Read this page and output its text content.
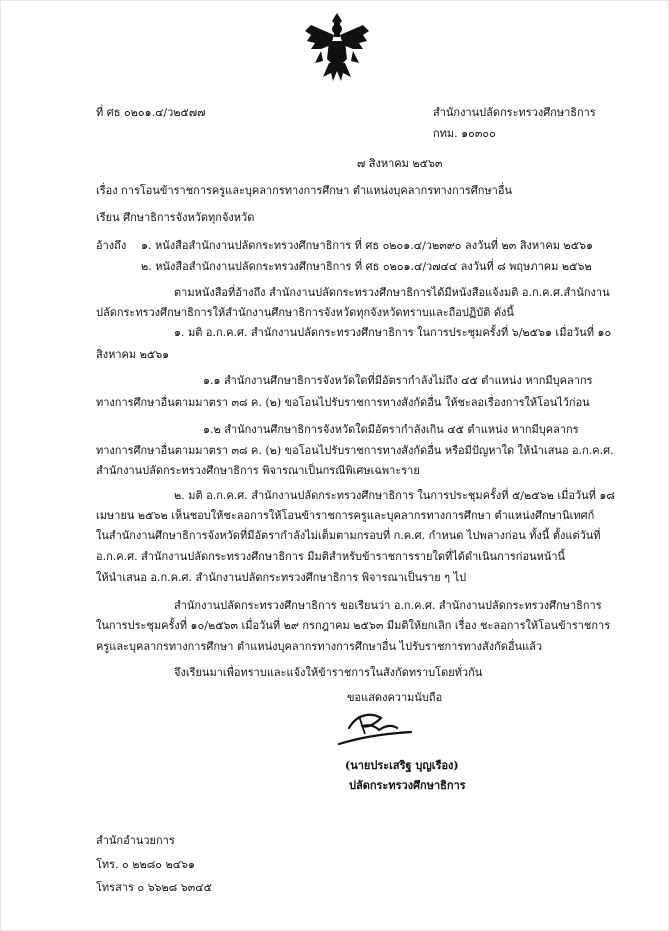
ที่ ศธ ๐๒๐๑.๔/ว๒๕๗๗	สำนักงานปลัดกระทรวงศึกษาธิการ
กทม. ๑๐๓๐๐
๗ สิงหาคม ๒๕๖๓
เรื่อง การโอนข้าราชการครูและบุคลากรทางการศึกษา ตำแหน่งบุคลากรทางการศึกษาอื่น
เรียน ศึกษาธิการจังหวัดทุกจังหวัด
อ้างถึง ๑. หนังสือสำนักงานปลัดกระทรวงศึกษาธิการ ที่ ศธ ๐๒๐๑.๔/ว๒๓๙๐ ลงวันที่ ๒๓ สิงหาคม ๒๕๖๑
๒. หนังสือสำนักงานปลัดกระทรวงศึกษาธิการ ที่ ศธ ๐๒๐๑.๔/ว๗๔๔ ลงวันที่ ๘ พฤษภาคม ๒๕๖๒
ตามหนังสือที่อ้างถึง สำนักงานปลัดกระทรวงศึกษาธิการได้มีหนังสือแจ้งมติ อ.ก.ค.ศ.สำนักงาน
ปลัดกระทรวงศึกษาธิการให้สำนักงานศึกษาธิการจังหวัดทุกจังหวัดทราบและถือปฏิบัติ ดังนี้
๑. มติ อ.ก.ค.ศ. สำนักงานปลัดกระทรวงศึกษาธิการ ในการประชุมครั้งที่ ๖/๒๕๖๑ เมื่อวันที่ ๑๐
สิงหาคม ๒๕๖๑
๑.๑ สำนักงานศึกษาธิการจังหวัดใดที่มีอัตรากำลังไม่ถึง ๔๕ ตำแหน่ง หากมีบุคลากร
ทางการศึกษาอื่นตามมาตรา ๓๘ ค. (๒) ขอโอนไปรับราชการทางสังกัดอื่น ให้ชะลอเรื่องการให้โอนไว้ก่อน
๑.๒ สำนักงานศึกษาธิการจังหวัดใดมีอัตรากำลังเกิน ๔๕ ตำแหน่ง หากมีบุคลากร
ทางการศึกษาอื่นตามมาตรา ๓๘ ค. (๒) ขอโอนไปรับราชการทางสังกัดอื่น หรือมีปัญหาใด ให้นำเสนอ อ.ก.ค.ศ.
สำนักงานปลัดกระทรวงศึกษาธิการ พิจารณาเป็นกรณีพิเศษเฉพาะราย
๒. มติ อ.ก.ค.ศ. สำนักงานปลัดกระทรวงศึกษาธิการ ในการประชุมครั้งที่ ๕/๒๕๖๒ เมื่อวันที่ ๑๘
เมษายน ๒๕๖๒ เห็นชอบให้ชะลอการให้โอนข้าราชการครูและบุคลากรทางการศึกษา ตำแหน่งศึกษานิเทศก์
ในสำนักงานศึกษาธิการจังหวัดที่มีอัตรากำลังไม่เต็มตามกรอบที่ ก.ค.ศ. กำหนด ไปพลางก่อน ทั้งนี้ ตั้งแต่วันที่
อ.ก.ค.ศ. สำนักงานปลัดกระทรวงศึกษาธิการ มีมติสำหรับข้าราชการรายใดที่ได้ดำเนินการก่อนหน้านี้
ให้นำเสนอ อ.ก.ค.ศ. สำนักงานปลัดกระทรวงศึกษาธิการ พิจารณาเป็นราย ๆ ไป
สำนักงานปลัดกระทรวงศึกษาธิการ ขอเรียนว่า อ.ก.ค.ศ. สำนักงานปลัดกระทรวงศึกษาธิการ
ในการประชุมครั้งที่ ๑๐/๒๕๖๓ เมื่อวันที่ ๒๙ กรกฎาคม ๒๕๖๓ มีมติให้ยกเลิก เรื่อง ชะลอการให้โอนข้าราชการ
ครูและบุคลากรทางการศึกษา ตำแหน่งบุคลากรทางการศึกษาอื่น ไปรับราชการทางสังกัดอื่นแล้ว
จึงเรียนมาเพื่อทราบและแจ้งให้ข้าราชการในสังกัดทราบโดยทั่วกัน
ขอแสดงความนับถือ
(นายประเสริฐ บุญเรือง)
ปลัดกระทรวงศึกษาธิการ
สำนักอำนวยการ
โทร. ๐ ๒๒๘๐ ๒๔๖๑
โทรสาร ๐ ๖๖๒๘ ๖๓๔๕
